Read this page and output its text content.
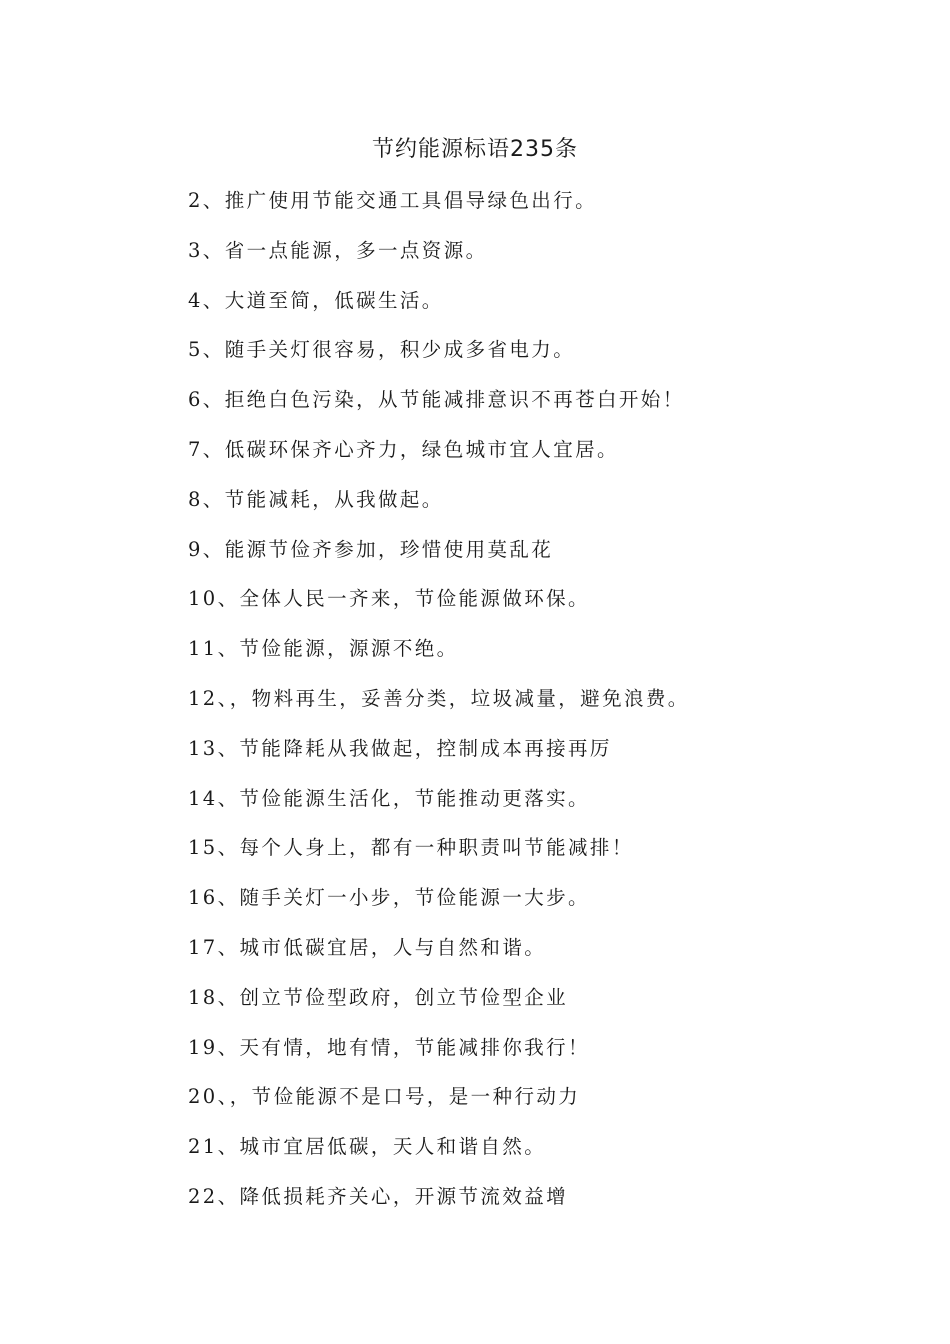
节约能源标语235条
2、推广使用节能交通工具倡导绿色出行。
3、省一点能源，多一点资源。
4、大道至简，低碳生活。
5、随手关灯很容易，积少成多省电力。
6、拒绝白色污染，从节能减排意识不再苍白开始！
7、低碳环保齐心齐力，绿色城市宜人宜居。
8、节能减耗，从我做起。
9、能源节俭齐参加，珍惜使用莫乱花
10、全体人民一齐来，节俭能源做环保。
11、节俭能源，源源不绝。
12、，物料再生，妥善分类，垃圾减量，避免浪费。
13、节能降耗从我做起，控制成本再接再厉
14、节俭能源生活化，节能推动更落实。
15、每个人身上，都有一种职责叫节能减排！
16、随手关灯一小步，节俭能源一大步。
17、城市低碳宜居，人与自然和谐。
18、创立节俭型政府，创立节俭型企业
19、天有情，地有情，节能减排你我行！
20、，节俭能源不是口号，是一种行动力
21、城市宜居低碳，天人和谐自然。
22、降低损耗齐关心，开源节流效益增
